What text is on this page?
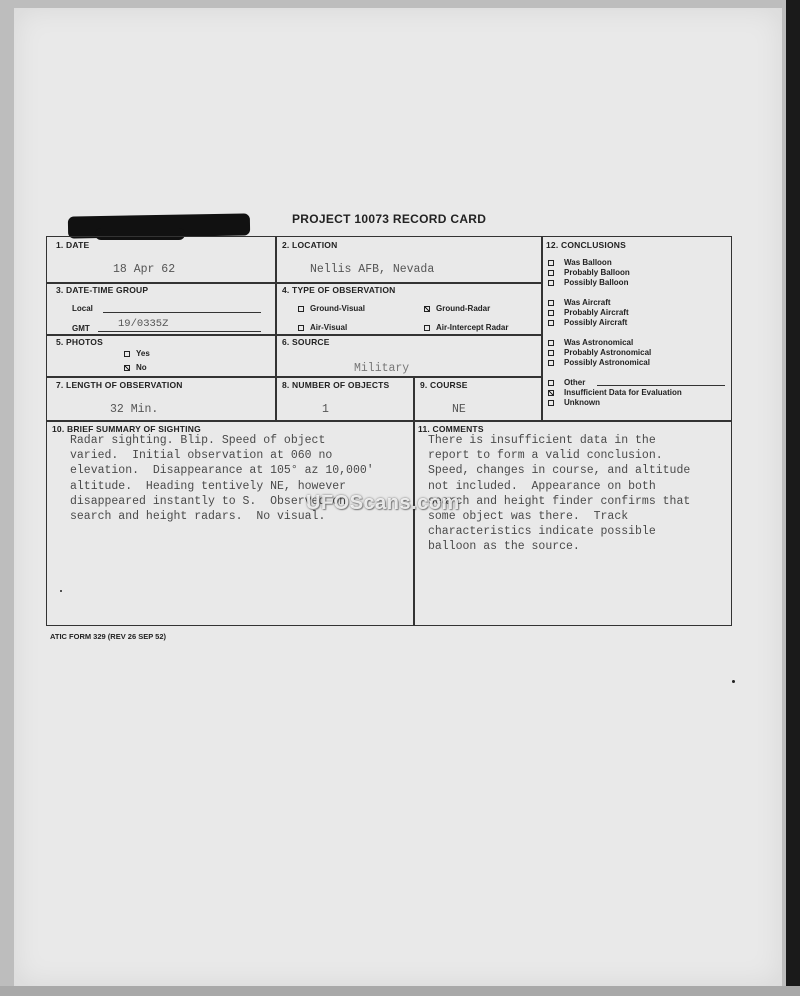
PROJECT 10073 RECORD CARD
1. DATE
18 Apr 62
2. LOCATION
Nellis AFB, Nevada
3. DATE-TIME GROUP
Local
GMT	19/0335Z
4. TYPE OF OBSERVATION
Ground-Visual	Ground-Radar
Air-Visual	Air-Intercept Radar
5. PHOTOS
Yes
No
6. SOURCE
Military
7. LENGTH OF OBSERVATION
32 Min.
8. NUMBER OF OBJECTS
1
9. COURSE
NE
10. BRIEF SUMMARY OF SIGHTING
Radar sighting. Blip. Speed of object
varied.  Initial observation at 060 no
elevation.  Disappearance at 105° az 10,000'
altitude.  Heading tentively NE, however
disappeared instantly to S.  Observed on
search and height radars.  No visual.
11. COMMENTS
There is insufficient data in the
report to form a valid conclusion.
Speed, changes in course, and altitude
not included.  Appearance on both
search and height finder confirms that
some object was there.  Track
characteristics indicate possible
balloon as the source.
12. CONCLUSIONS
Was Balloon
Probably Balloon
Possibly Balloon
Was Aircraft
Probably Aircraft
Possibly Aircraft
Was Astronomical
Probably Astronomical
Possibly Astronomical
Other
Insufficient Data for Evaluation
Unknown
ATIC FORM 329 (REV 26 SEP 52)
UFOScans.com
